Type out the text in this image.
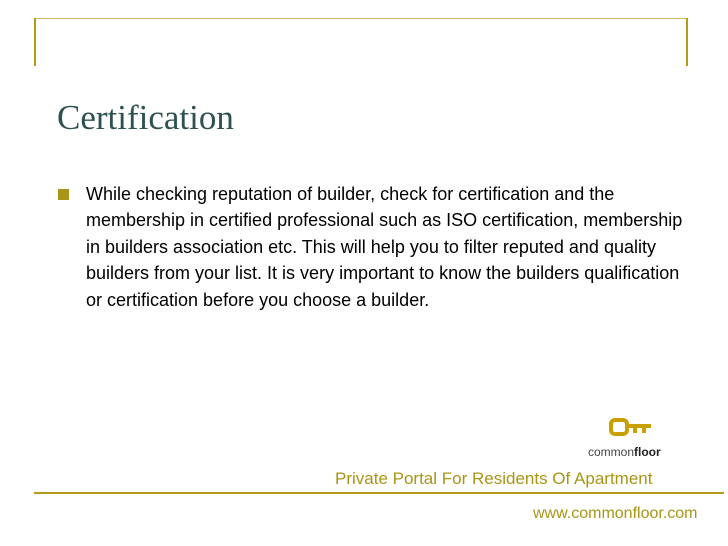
Certification
While checking reputation of builder, check for certification and the membership in certified professional such as ISO certification, membership in builders association etc. This will help you to filter reputed and quality builders from your list. It is very important to know the builders qualification or certification before you choose a builder.
commonfloor
Private Portal For Residents Of Apartment
www.commonfloor.com
